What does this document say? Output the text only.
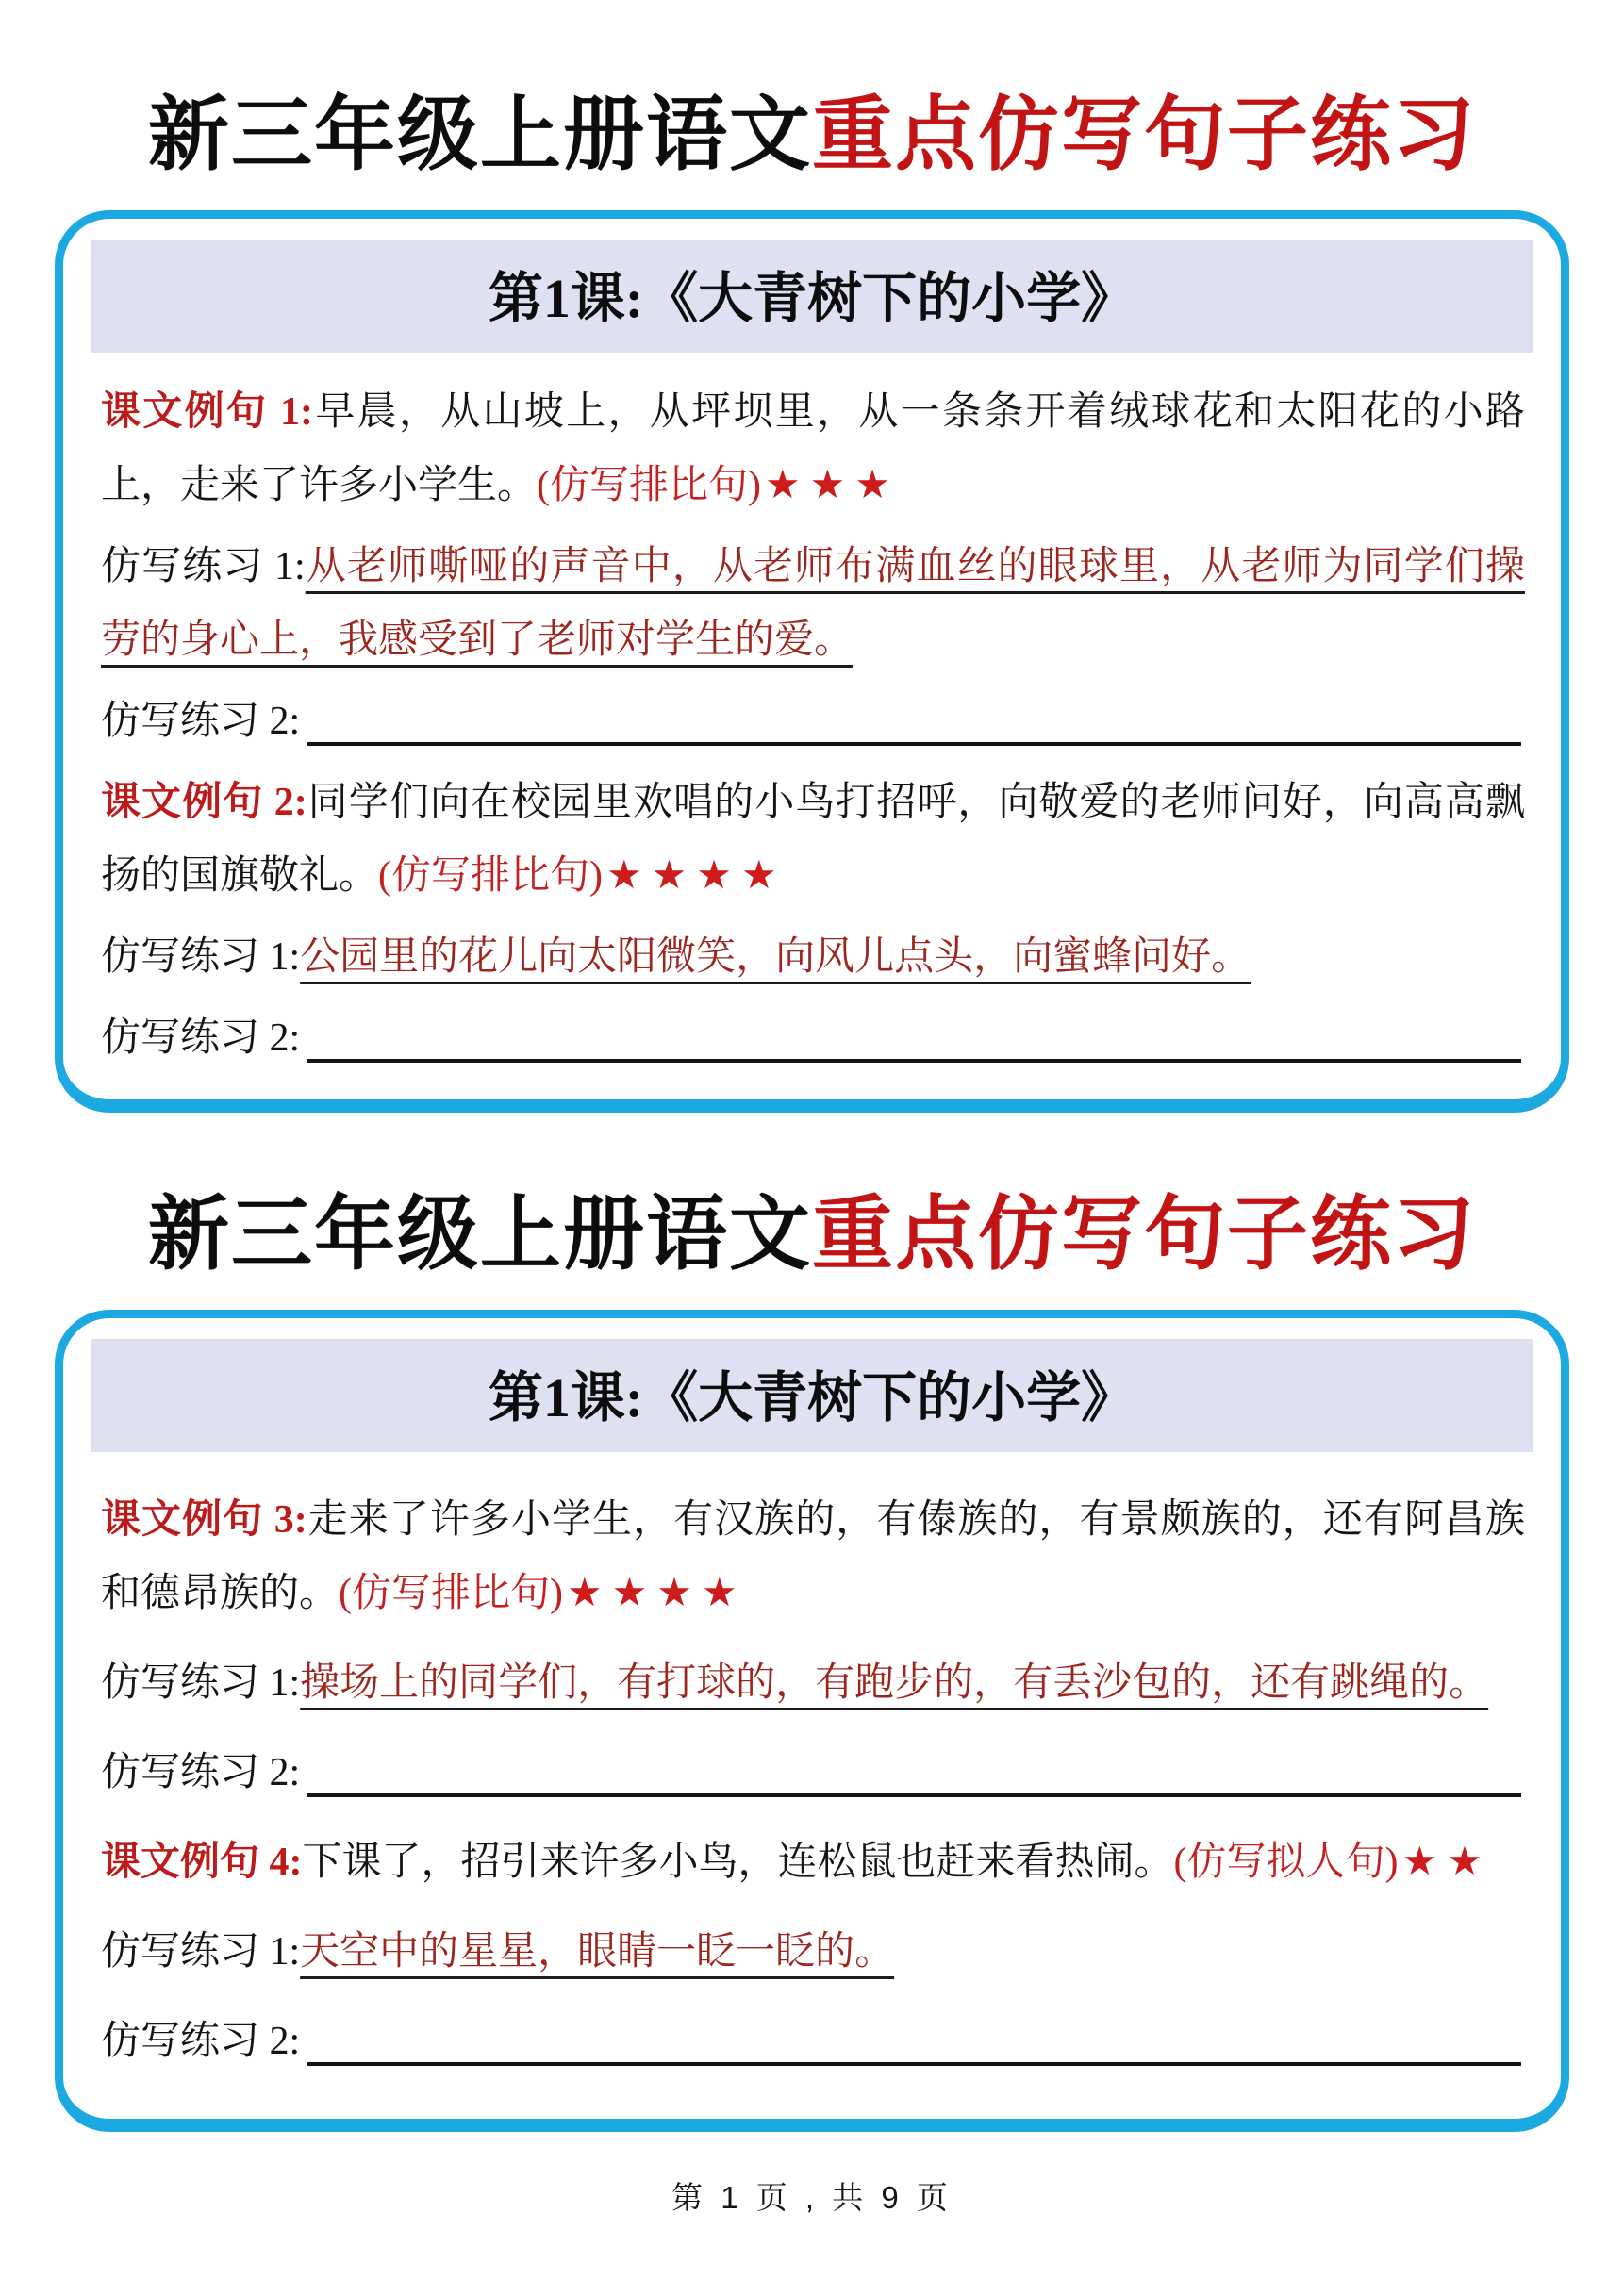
新三年级上册语文重点仿写句子练习
第1课:《大青树下的小学》

课文例句 1:早晨，从山坡上，从坪坝里，从一条条开着绒球花和太阳花的小路上，走来了许多小学生。(仿写排比句)★★★

仿写练习 1:从老师嘶哑的声音中，从老师布满血丝的眼球里，从老师为同学们操劳的身心上，我感受到了老师对学生的爱。

仿写练习 2:

课文例句 2:同学们向在校园里欢唱的小鸟打招呼，向敬爱的老师问好，向高高飘扬的国旗敬礼。(仿写排比句)★★★★

仿写练习 1:公园里的花儿向太阳微笑，向风儿点头，向蜜蜂问好。

仿写练习 2:
新三年级上册语文重点仿写句子练习
第1课:《大青树下的小学》

课文例句 3:走来了许多小学生，有汉族的，有傣族的，有景颇族的，还有阿昌族和德昂族的。(仿写排比句)★★★★

仿写练习 1:操场上的同学们，有打球的，有跑步的，有丢沙包的，还有跳绳的。

仿写练习 2:

课文例句 4:下课了，招引来许多小鸟，连松鼠也赶来看热闹。(仿写拟人句)★★

仿写练习 1:天空中的星星，眼睛一眨一眨的。

仿写练习 2:
第 1 页 , 共 9 页
